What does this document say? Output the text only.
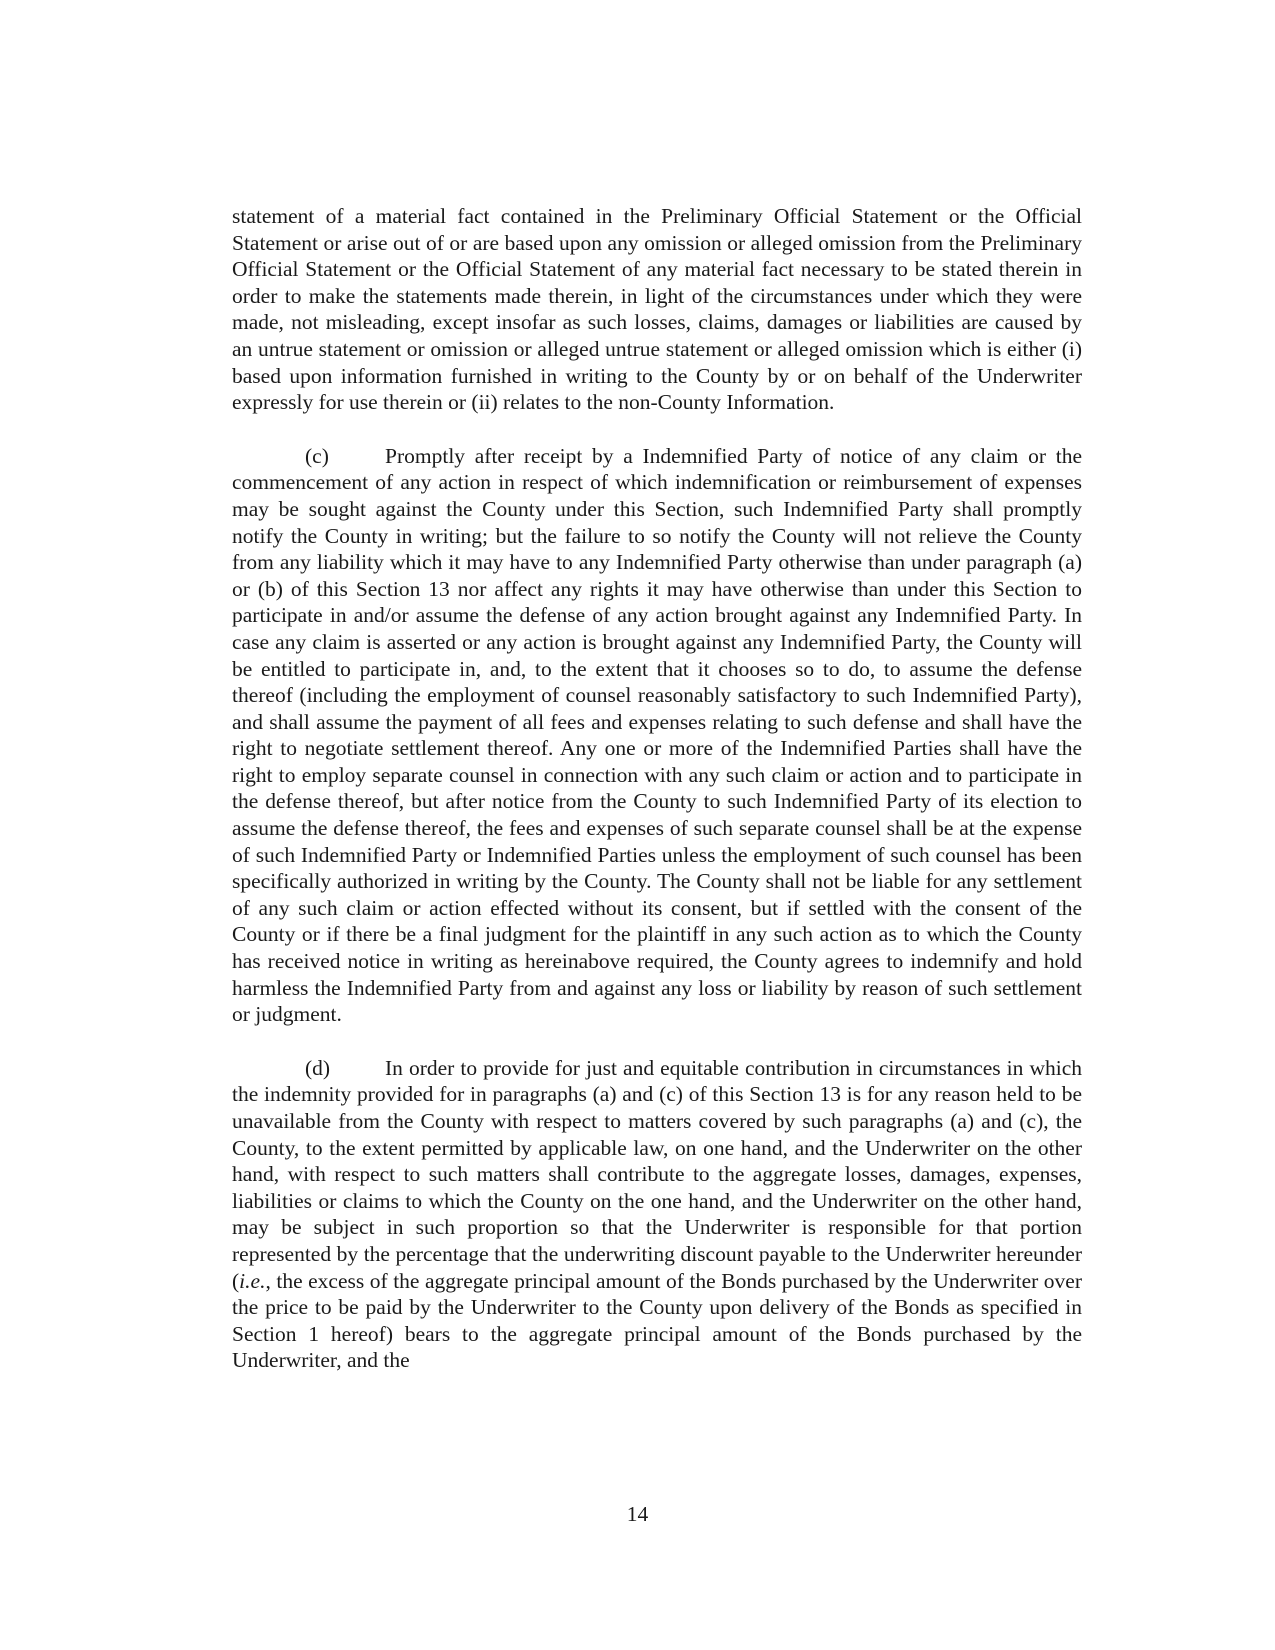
statement of a material fact contained in the Preliminary Official Statement or the Official Statement or arise out of or are based upon any omission or alleged omission from the Preliminary Official Statement or the Official Statement of any material fact necessary to be stated therein in order to make the statements made therein, in light of the circumstances under which they were made, not misleading, except insofar as such losses, claims, damages or liabilities are caused by an untrue statement or omission or alleged untrue statement or alleged omission which is either (i) based upon information furnished in writing to the County by or on behalf of the Underwriter expressly for use therein or (ii) relates to the non-County Information.

(c)	Promptly after receipt by a Indemnified Party of notice of any claim or the commencement of any action in respect of which indemnification or reimbursement of expenses may be sought against the County under this Section, such Indemnified Party shall promptly notify the County in writing; but the failure to so notify the County will not relieve the County from any liability which it may have to any Indemnified Party otherwise than under paragraph (a) or (b) of this Section 13 nor affect any rights it may have otherwise than under this Section to participate in and/or assume the defense of any action brought against any Indemnified Party. In case any claim is asserted or any action is brought against any Indemnified Party, the County will be entitled to participate in, and, to the extent that it chooses so to do, to assume the defense thereof (including the employment of counsel reasonably satisfactory to such Indemnified Party), and shall assume the payment of all fees and expenses relating to such defense and shall have the right to negotiate settlement thereof. Any one or more of the Indemnified Parties shall have the right to employ separate counsel in connection with any such claim or action and to participate in the defense thereof, but after notice from the County to such Indemnified Party of its election to assume the defense thereof, the fees and expenses of such separate counsel shall be at the expense of such Indemnified Party or Indemnified Parties unless the employment of such counsel has been specifically authorized in writing by the County. The County shall not be liable for any settlement of any such claim or action effected without its consent, but if settled with the consent of the County or if there be a final judgment for the plaintiff in any such action as to which the County has received notice in writing as hereinabove required, the County agrees to indemnify and hold harmless the Indemnified Party from and against any loss or liability by reason of such settlement or judgment.

(d)	In order to provide for just and equitable contribution in circumstances in which the indemnity provided for in paragraphs (a) and (c) of this Section 13 is for any reason held to be unavailable from the County with respect to matters covered by such paragraphs (a) and (c), the County, to the extent permitted by applicable law, on one hand, and the Underwriter on the other hand, with respect to such matters shall contribute to the aggregate losses, damages, expenses, liabilities or claims to which the County on the one hand, and the Underwriter on the other hand, may be subject in such proportion so that the Underwriter is responsible for that portion represented by the percentage that the underwriting discount payable to the Underwriter hereunder (i.e., the excess of the aggregate principal amount of the Bonds purchased by the Underwriter over the price to be paid by the Underwriter to the County upon delivery of the Bonds as specified in Section 1 hereof) bears to the aggregate principal amount of the Bonds purchased by the Underwriter, and the

14
